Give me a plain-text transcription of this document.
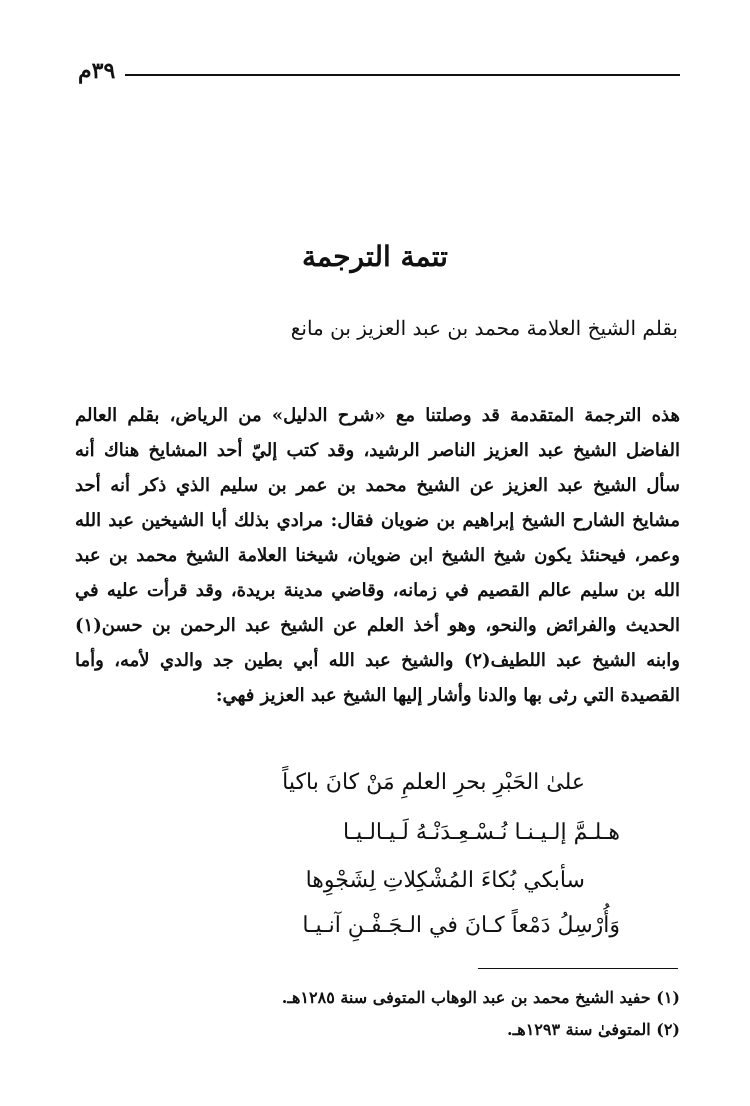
٣٩م
تتمة الترجمة
بقلم الشيخ العلامة محمد بن عبد العزيز بن مانع

هذه الترجمة المتقدمة قد وصلتنا مع «شرح الدليل» من الرياض، بقلم العالم الفاضل الشيخ عبد العزيز الناصر الرشيد، وقد كتب إليّ أحد المشايخ هناك أنه سأل الشيخ عبد العزيز عن الشيخ محمد بن عمر بن سليم الذي ذكر أنه أحد مشايخ الشارح الشيخ إبراهيم بن ضويان فقال: مرادي بذلك أبا الشيخين عبد الله وعمر، فيحنئذ يكون شيخ الشيخ ابن ضويان، شيخنا العلامة الشيخ محمد بن عبد الله بن سليم عالم القصيم في زمانه، وقاضي مدينة بريدة، وقد قرأت عليه في الحديث والفرائض والنحو، وهو أخذ العلم عن الشيخ عبد الرحمن بن حسن(١) وابنه الشيخ عبد اللطيف(٢) والشيخ عبد الله أبي بطين جد والدي لأمه، وأما القصيدة التي رثى بها والدنا وأشار إليها الشيخ عبد العزيز فهي:

علىٰ الحَبْرِ بحرِ العلمِ مَنْ كانَ باكياً
هـلـمَّ إلـيـنـا نُـسْـعِـدَنْـهُ لَـيـالـيـا
سأبكي بُكاءَ المُشْكِلاتِ لِشَجْوِها
وَأُرْسِلُ دَمْعاً كـانَ في الـجَـفْـنِ آنـيـا
(١) حفيد الشيخ محمد بن عبد الوهاب المتوفى سنة ١٢٨٥هـ.
(٢) المتوفىٰ سنة ١٢٩٣هـ.
